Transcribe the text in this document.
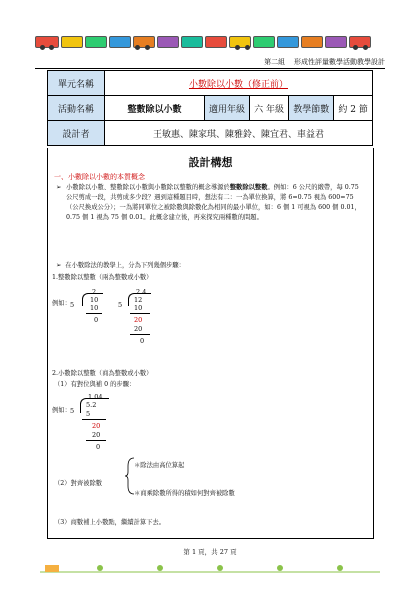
第二組 形成性評量數學活動教學設計
單元名稱	小數除以小數（修正前）				
活動名稱	整數除以小數	適用年級	六 年級	教學節數	約 2 節
設計者	王敏惠、陳家琪、陳雅鈴、陳宜君、車益君				
設計構想
一、小數除以小數的本質概念
➢ 小數除以小數、整數除以小數與小數除以整數的概念導源於整數除以整數。例如：6 公尺的緞帶，每 0.75 公尺剪成一段，共剪成多少段？遇到這種題目時，想法有二：一為單位換算，將 6=0.75 視為 600=75（公尺換成公分）；一為將同單位之被除數與除數化為相同的最小單位，如：6 個 1 可視為 600 個 0.01，0.75 個 1 視為 75 個 0.01。此概念建立後，再來探究兩種數的問題。
➢ 在小數除法的教學上，分為下列幾個步驟：
1.整數除以整數（兩為整數或小數）
例如：
2
5
10
10
0
2.4
5
12
10
20
20
0
2.小數除以整數（商為整數或小數）
（1）有對位與補 0 的步驟：
例如：
1.04
5
5.2
5
20
20
0
（2）對齊被除數
＊除法由高位算起
＊商乘除數所得的積如何對齊被除數
（3）商數補上小數點，繼續計算下去。
第 1 頁，共 27 頁
